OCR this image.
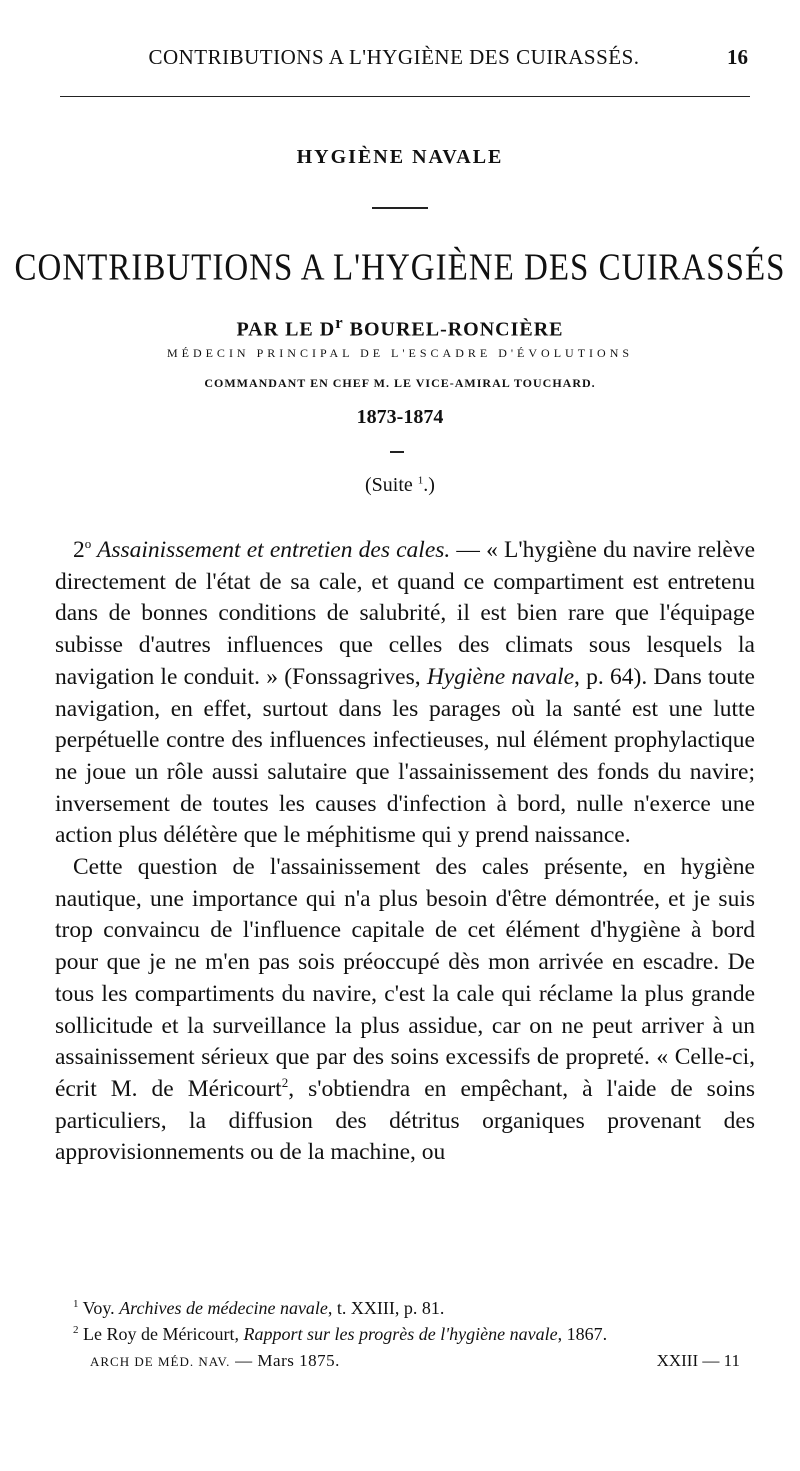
CONTRIBUTIONS A L'HYGIÈNE DES CUIRASSÉS.	16
HYGIÈNE NAVALE
CONTRIBUTIONS A L'HYGIÈNE DES CUIRASSÉS
PAR LE $D^r$ BOUREL-RONCIÈRE
MÉDECIN PRINCIPAL DE L'ESCADRE D'ÉVOLUTIONS
COMMANDANT EN CHEF M. LE VICE-AMIRAL TOUCHARD.
1873-1874
(Suite $^1$.)

2$^o$ Assainissement et entretien des cales. — « L'hygiène du navire relève directement de l'état de sa cale, et quand ce compartiment est entretenu dans de bonnes conditions de salubrité, il est bien rare que l'équipage subisse d'autres influences que celles des climats sous lesquels la navigation le conduit. » (Fonssagrives, Hygiène navale, p. 64). Dans toute navigation, en effet, surtout dans les parages où la santé est une lutte perpétuelle contre des influences infectieuses, nul élément prophylactique ne joue un rôle aussi salutaire que l'assainissement des fonds du navire; inversement de toutes les causes d'infection à bord, nulle n'exerce une action plus délétère que le méphitisme qui y prend naissance.

Cette question de l'assainissement des cales présente, en hygiène nautique, une importance qui n'a plus besoin d'être démontrée, et je suis trop convaincu de l'influence capitale de cet élément d'hygiène à bord pour que je ne m'en pas sois préoccupé dès mon arrivée en escadre. De tous les compartiments du navire, c'est la cale qui réclame la plus grande sollicitude et la surveillance la plus assidue, car on ne peut arriver à un assainissement sérieux que par des soins excessifs de propreté. « Celle-ci, écrit M. de Méricourt$^2$, s'obtiendra en empêchant, à l'aide de soins particuliers, la diffusion des détritus organiques provenant des approvisionnements ou de la machine, ou

$^1$ Voy. Archives de médecine navale, t. XXIII, p. 81.

$^2$ Le Roy de Méricourt, Rapport sur les progrès de l'hygiène navale, 1867.

ARCH DE MÉD. NAV. — Mars 1875.	XXIII — 11
